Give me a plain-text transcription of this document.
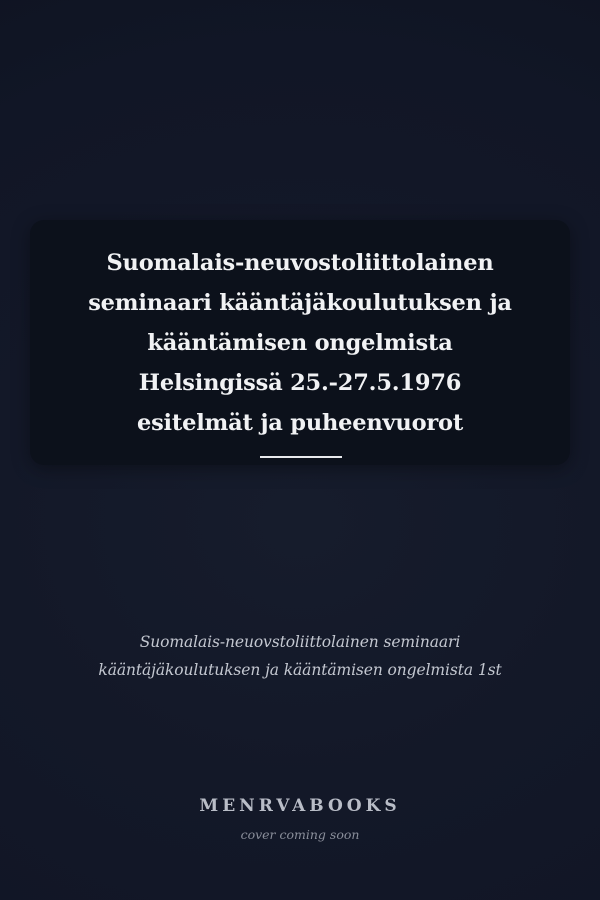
Suomalais-neuvostoliittolainen
seminaari kääntäjäkoulutuksen ja
kääntämisen ongelmista
Helsingissä 25.-27.5.1976
esitelmät ja puheenvuorot
Suomalais-neuovstoliittolainen seminaari
kääntäjäkoulutuksen ja kääntämisen ongelmista 1st
MENRVABOOKS
cover coming soon
